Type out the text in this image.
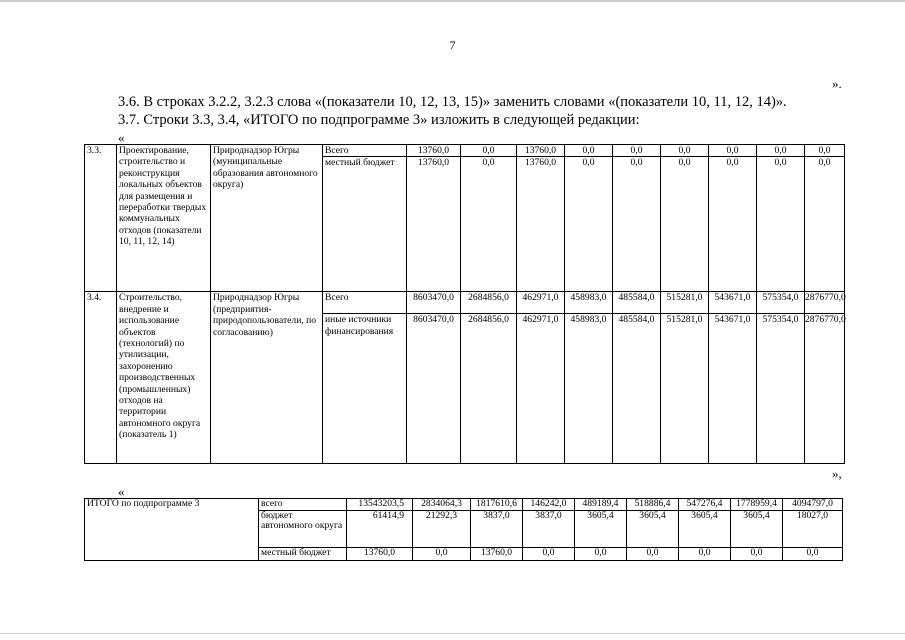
7
».
3.6. В строках 3.2.2, 3.2.3 слова «(показатели 10, 12, 13, 15)» заменить словами «(показатели 10, 11, 12, 14)».
3.7. Строки 3.3, 3.4, «ИТОГО по подпрограмме 3» изложить в следующей редакции:
«
3.3.	Проектирование, строительство и реконструкция локальных объектов для размещения и переработки твердых коммунальных отходов (показатели 10, 11, 12, 14)	Природнадзор Югры (муниципальные образования автономного округа)	Всего	13760,0	0,0	13760,0	0,0	0,0	0,0	0,0	0,0	0,0
			местный бюджет	13760,0	0,0	13760,0	0,0	0,0	0,0	0,0	0,0	0,0
3.4.	Строительство, внедрение и использование объектов (технологий) по утилизации, захоронению производственных (промышленных) отходов на территории автономного округа (показатель 1)	Природнадзор Югры (предприятия-природопользователи, по согласованию)	Всего	8603470,0	2684856,0	462971,0	458983,0	485584,0	515281,0	543671,0	575354,0	2876770,0
			иные источники финансирования	8603470,0	2684856,0	462971,0	458983,0	485584,0	515281,0	543671,0	575354,0	2876770,0
»,
«
ИТОГО по подпрограмме 3	всего	13543203,5	2834064,3	1817610,6	146242,0	489189,4	518886,4	547276,4	1778959,4	4094797,0
	бюджет автономного округа	61414,9	21292,3	3837,0	3837,0	3605,4	3605,4	3605,4	3605,4	18027,0
	местный бюджет	13760,0	0,0	13760,0	0,0	0,0	0,0	0,0	0,0	0,0
